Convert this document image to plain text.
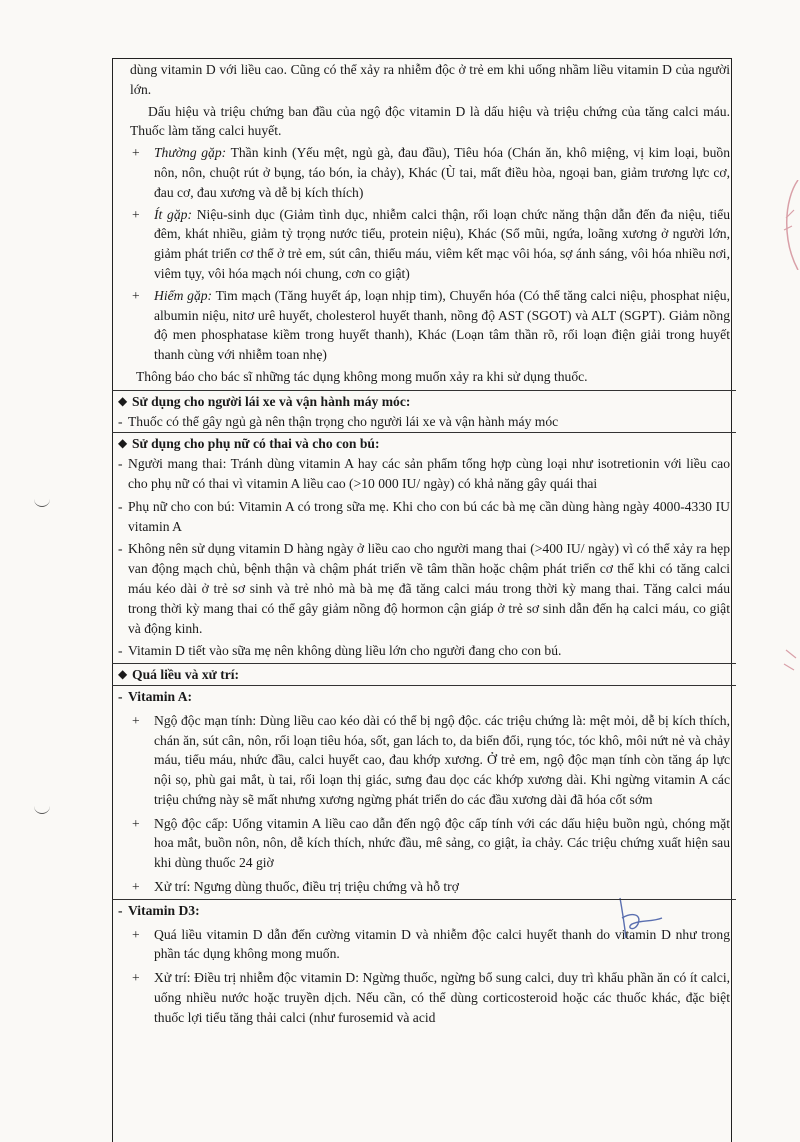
dùng vitamin D với liều cao. Cũng có thể xảy ra nhiễm độc ở trẻ em khi uống nhầm liều vitamin D của người lớn.

Dấu hiệu và triệu chứng ban đầu của ngộ độc vitamin D là dấu hiệu và triệu chứng của tăng calci máu. Thuốc làm tăng calci huyết.

+ Thường gặp: Thần kinh (Yếu mệt, ngủ gà, đau đầu), Tiêu hóa (Chán ăn, khô miệng, vị kim loại, buồn nôn, nôn, chuột rút ở bụng, táo bón, ỉa chảy), Khác (Ù tai, mất điều hòa, ngoại ban, giảm trương lực cơ, đau cơ, đau xương và dễ bị kích thích)
+ Ít gặp: Niệu-sinh dục (Giảm tình dục, nhiễm calci thận, rối loạn chức năng thận dẫn đến đa niệu, tiểu đêm, khát nhiều, giảm tỷ trọng nước tiểu, protein niệu), Khác (Sổ mũi, ngứa, loãng xương ở người lớn, giảm phát triển cơ thể ở trẻ em, sút cân, thiếu máu, viêm kết mạc vôi hóa, sợ ánh sáng, vôi hóa nhiều nơi, viêm tụy, vôi hóa mạch nói chung, cơn co giật)
+ Hiếm gặp: Tim mạch (Tăng huyết áp, loạn nhịp tim), Chuyển hóa (Có thể tăng calci niệu, phosphat niệu, albumin niệu, nitơ urê huyết, cholesterol huyết thanh, nồng độ AST (SGOT) và ALT (SGPT). Giảm nồng độ men phosphatase kiềm trong huyết thanh), Khác (Loạn tâm thần rõ, rối loạn điện giải trong huyết thanh cùng với nhiễm toan nhẹ)

Thông báo cho bác sĩ những tác dụng không mong muốn xảy ra khi sử dụng thuốc.

◆ Sử dụng cho người lái xe và vận hành máy móc:
- Thuốc có thể gây ngủ gà nên thận trọng cho người lái xe và vận hành máy móc
◆ Sử dụng cho phụ nữ có thai và cho con bú:
- Người mang thai: Tránh dùng vitamin A hay các sản phẩm tổng hợp cùng loại như isotretionin với liều cao cho phụ nữ có thai vì vitamin A liều cao (>10 000 IU/ ngày) có khả năng gây quái thai
- Phụ nữ cho con bú: Vitamin A có trong sữa mẹ. Khi cho con bú các bà mẹ cần dùng hàng ngày 4000-4330 IU vitamin A
- Không nên sử dụng vitamin D hàng ngày ở liều cao cho người mang thai (>400 IU/ ngày) vì có thể xảy ra hẹp van động mạch chủ, bệnh thận và chậm phát triển về tâm thần hoặc chậm phát triển cơ thể khi có tăng calci máu kéo dài ở trẻ sơ sinh và trẻ nhỏ mà bà mẹ đã tăng calci máu trong thời kỳ mang thai. Tăng calci máu trong thời kỳ mang thai có thể gây giảm nồng độ hormon cận giáp ở trẻ sơ sinh dẫn đến hạ calci máu, co giật và động kinh.
- Vitamin D tiết vào sữa mẹ nên không dùng liều lớn cho người đang cho con bú.
◆ Quá liều và xử trí:
- Vitamin A:
+ Ngộ độc mạn tính: Dùng liều cao kéo dài có thể bị ngộ độc. các triệu chứng là: mệt mỏi, dễ bị kích thích, chán ăn, sút cân, nôn, rối loạn tiêu hóa, sốt, gan lách to, da biến đổi, rụng tóc, tóc khô, môi nứt nẻ và chảy máu, tiểu máu, nhức đầu, calci huyết cao, đau khớp xương. Ở trẻ em, ngộ độc mạn tính còn tăng áp lực nội sọ, phù gai mắt, ù tai, rối loạn thị giác, sưng đau dọc các khớp xương dài. Khi ngừng vitamin A các triệu chứng này sẽ mất nhưng xương ngừng phát triển do các đầu xương dài đã hóa cốt sớm
+ Ngộ độc cấp: Uống vitamin A liều cao dẫn đến ngộ độc cấp tính với các dấu hiệu buồn ngủ, chóng mặt hoa mắt, buồn nôn, nôn, dễ kích thích, nhức đầu, mê sảng, co giật, ỉa chảy. Các triệu chứng xuất hiện sau khi dùng thuốc 24 giờ
+ Xử trí: Ngưng dùng thuốc, điều trị triệu chứng và hỗ trợ
- Vitamin D3:
+ Quá liều vitamin D dẫn đến cường vitamin D và nhiễm độc calci huyết thanh do vitamin D như trong phần tác dụng không mong muốn.
+ Xử trí: Điều trị nhiễm độc vitamin D: Ngừng thuốc, ngừng bổ sung calci, duy trì khẩu phần ăn có ít calci, uống nhiều nước hoặc truyền dịch. Nếu cần, có thể dùng corticosteroid hoặc các thuốc khác, đặc biệt thuốc lợi tiểu tăng thải calci (như furosemid và acid
